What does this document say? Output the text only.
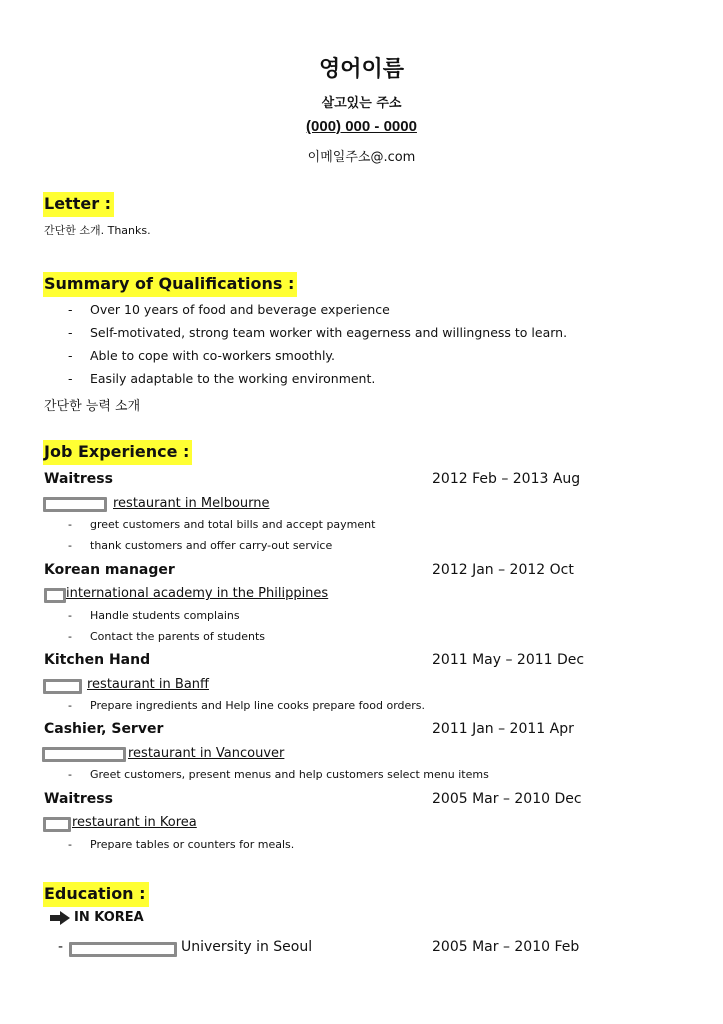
영어이름
살고있는 주소
(000) 000 - 0000
이메일주소@.com
Letter :
간단한 소개. Thanks.
Summary of Qualifications :
- Over 10 years of food and beverage experience
- Self-motivated, strong team worker with eagerness and willingness to learn.
- Able to cope with co-workers smoothly.
- Easily adaptable to the working environment.
간단한 능력 소개
Job Experience :
Waitress	2012 Feb – 2013 Aug
restaurant in Melbourne
- greet customers and total bills and accept payment
- thank customers and offer carry-out service
Korean manager	2012 Jan – 2012 Oct
international academy in the Philippines
- Handle students complains
- Contact the parents of students
Kitchen Hand	2011 May – 2011 Dec
restaurant in Banff
- Prepare ingredients and Help line cooks prepare food orders.
Cashier, Server	2011 Jan – 2011 Apr
restaurant in Vancouver
- Greet customers, present menus and help customers select menu items
Waitress	2005 Mar – 2010 Dec
restaurant in Korea
- Prepare tables or counters for meals.
Education :
IN KOREA
-	University in Seoul	2005 Mar – 2010 Feb
